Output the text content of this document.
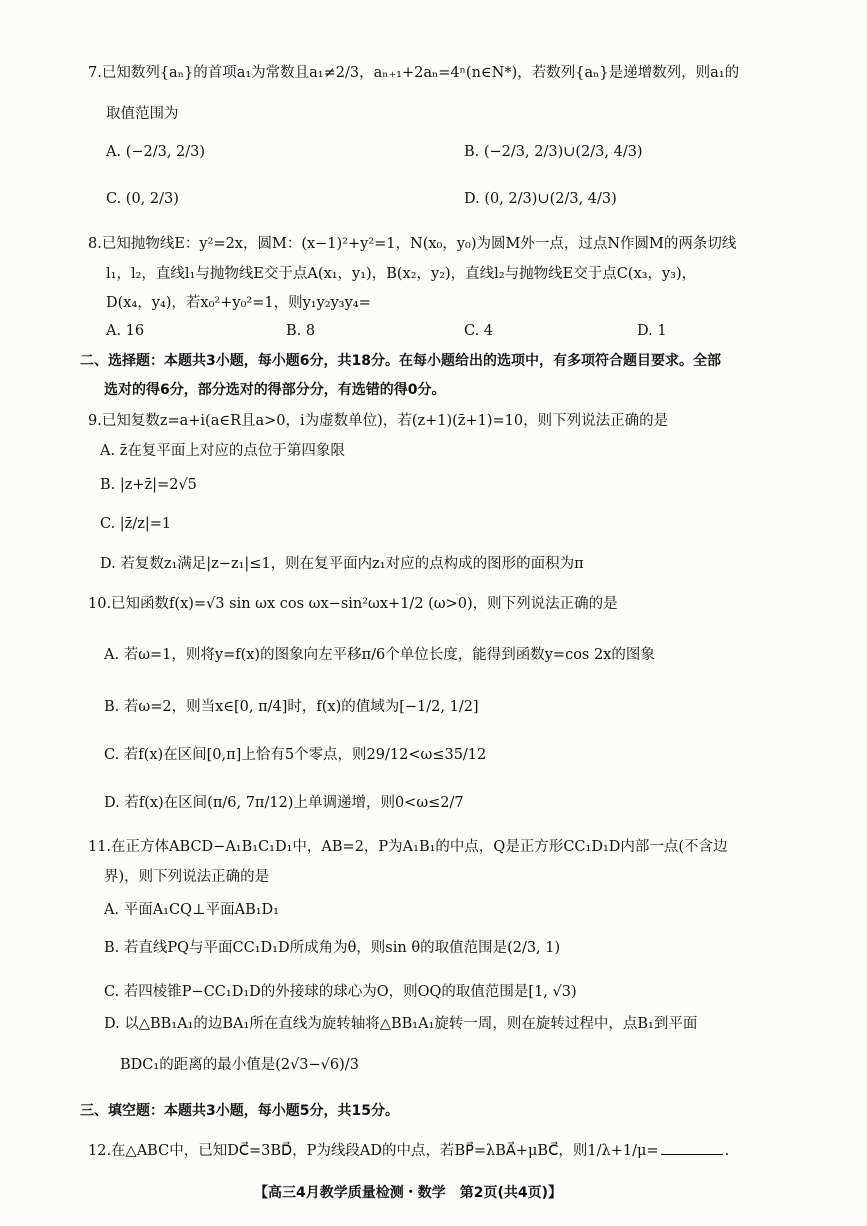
7.已知数列{aₙ}的首项a₁为常数且a₁≠2/3，aₙ₊₁+2aₙ=4ⁿ(n∈N*)，若数列{aₙ}是递增数列，则a₁的
取值范围为
A. (−2/3, 2/3)	B. (−2/3, 2/3)∪(2/3, 4/3)
C. (0, 2/3)	D. (0, 2/3)∪(2/3, 4/3)
8.已知抛物线E：y²=2x，圆M：(x−1)²+y²=1，N(x₀，y₀)为圆M外一点，过点N作圆M的两条切线
l₁，l₂，直线l₁与抛物线E交于点A(x₁，y₁)，B(x₂，y₂)，直线l₂与抛物线E交于点C(x₃，y₃)，
D(x₄，y₄)，若x₀²+y₀²=1，则y₁y₂y₃y₄=
A. 16	B. 8	C. 4	D. 1
二、选择题：本题共3小题，每小题6分，共18分。在每小题给出的选项中，有多项符合题目要求。全部
选对的得6分，部分选对的得部分分，有选错的得0分。
9.已知复数z=a+i(a∈R且a>0，i为虚数单位)，若(z+1)(z̄+1)=10，则下列说法正确的是
A. z̄在复平面上对应的点位于第四象限
B. |z+z̄|=2√5
C. |z̄/z|=1
D. 若复数z₁满足|z−z₁|≤1，则在复平面内z₁对应的点构成的图形的面积为π
10.已知函数f(x)=√3 sin ωx cos ωx−sin²ωx+1/2 (ω>0)，则下列说法正确的是
A. 若ω=1，则将y=f(x)的图象向左平移π/6个单位长度，能得到函数y=cos 2x的图象
B. 若ω=2，则当x∈[0, π/4]时，f(x)的值域为[−1/2, 1/2]
C. 若f(x)在区间[0,π]上恰有5个零点，则29/12<ω≤35/12
D. 若f(x)在区间(π/6, 7π/12)上单调递增，则0<ω≤2/7
11.在正方体ABCD−A₁B₁C₁D₁中，AB=2，P为A₁B₁的中点，Q是正方形CC₁D₁D内部一点(不含边
界)，则下列说法正确的是
A. 平面A₁CQ⊥平面AB₁D₁
B. 若直线PQ与平面CC₁D₁D所成角为θ，则sin θ的取值范围是(2/3, 1)
C. 若四棱锥P−CC₁D₁D的外接球的球心为O，则OQ的取值范围是[1, √3)
D. 以△BB₁A₁的边BA₁所在直线为旋转轴将△BB₁A₁旋转一周，则在旋转过程中，点B₁到平面
BDC₁的距离的最小值是(2√3−√6)/3
三、填空题：本题共3小题，每小题5分，共15分。
12.在△ABC中，已知DC⃗=3BD⃗，P为线段AD的中点，若BP⃗=λBA⃗+μBC⃗，则1/λ+1/μ=	.
【高三4月教学质量检测・数学　第2页(共4页)】
